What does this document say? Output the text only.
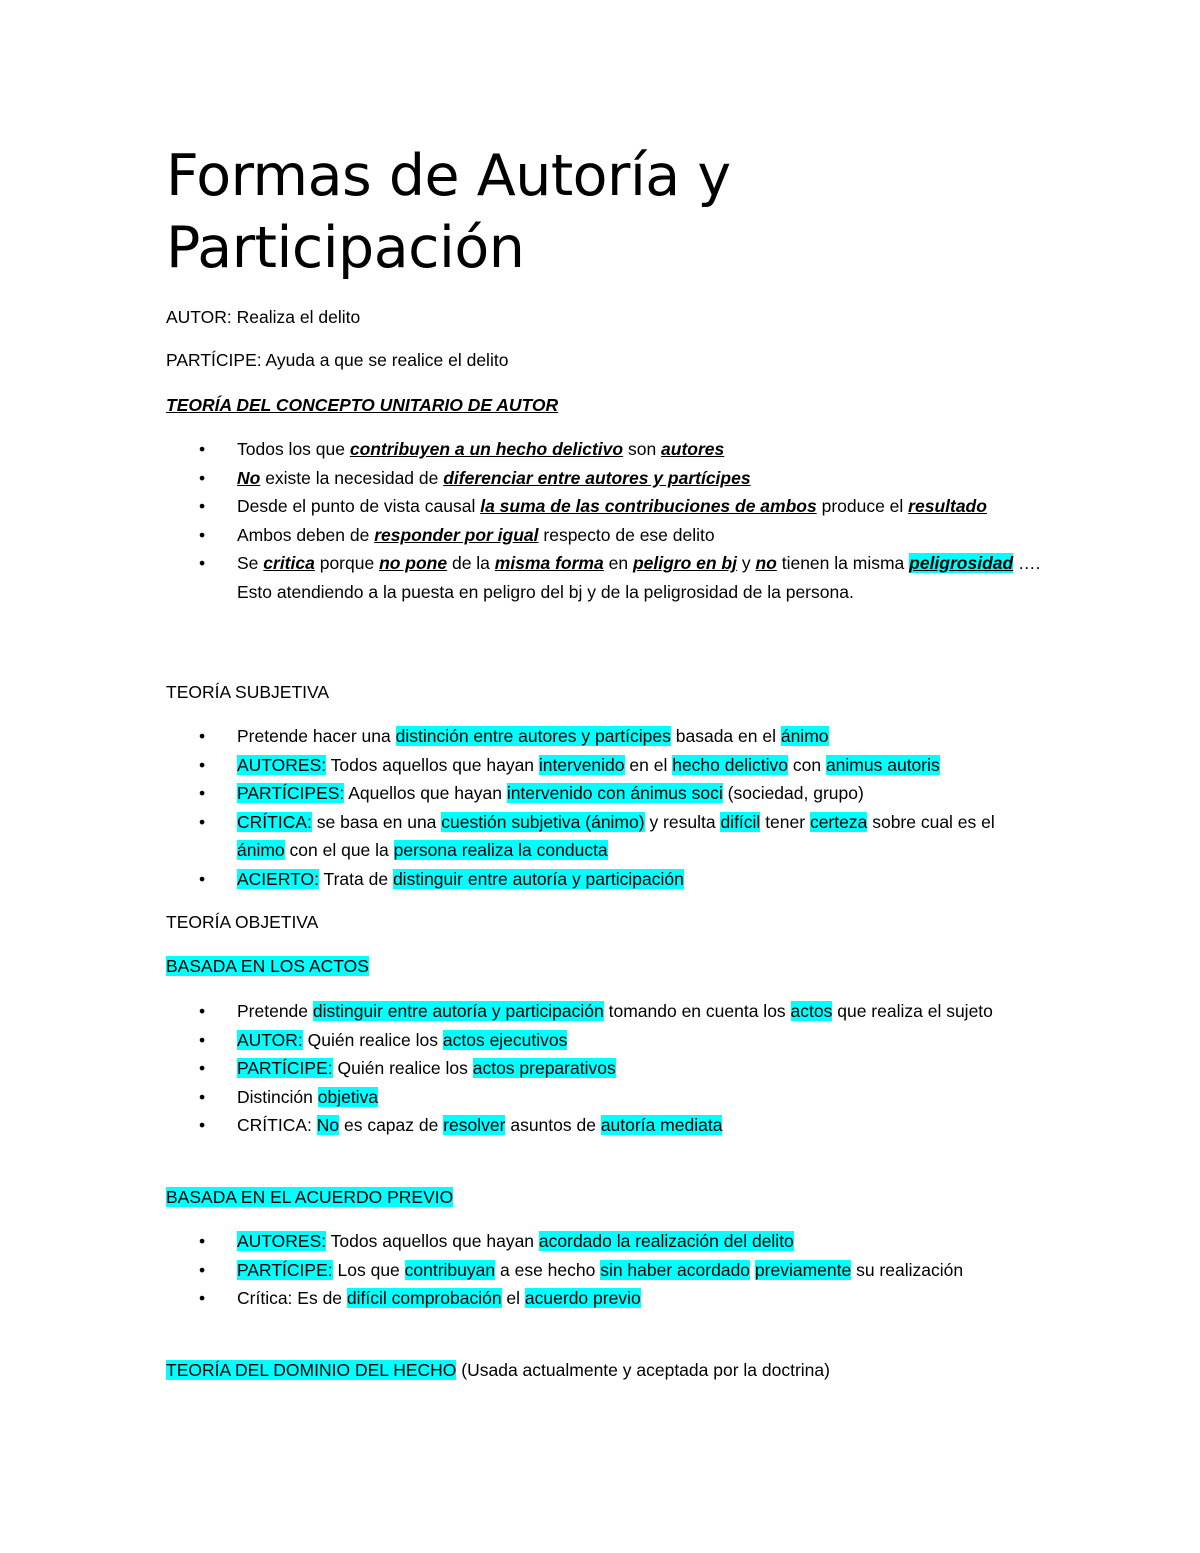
Formas de Autoría y Participación

AUTOR: Realiza el delito

PARTÍCIPE: Ayuda a que se realice el delito

TEORÍA DEL CONCEPTO UNITARIO DE AUTOR

• Todos los que contribuyen a un hecho delictivo son autores
• No existe la necesidad de diferenciar entre autores y partícipes
• Desde el punto de vista causal la suma de las contribuciones de ambos produce el resultado
• Ambos deben de responder por igual respecto de ese delito
• Se critica porque no pone de la misma forma en peligro en bj y no tienen la misma peligrosidad …. Esto atendiendo a la puesta en peligro del bj y de la peligrosidad de la persona.

TEORÍA SUBJETIVA

• Pretende hacer una distinción entre autores y partícipes basada en el ánimo
• AUTORES: Todos aquellos que hayan intervenido en el hecho delictivo con animus autoris
• PARTÍCIPES: Aquellos que hayan intervenido con ánimus soci (sociedad, grupo)
• CRÍTICA: se basa en una cuestión subjetiva (ánimo) y resulta difícil tener certeza sobre cual es el ánimo con el que la persona realiza la conducta
• ACIERTO: Trata de distinguir entre autoría y participación

TEORÍA OBJETIVA

BASADA EN LOS ACTOS

• Pretende distinguir entre autoría y participación tomando en cuenta los actos que realiza el sujeto
• AUTOR: Quién realice los actos ejecutivos
• PARTÍCIPE: Quién realice los actos preparativos
• Distinción objetiva
• CRÍTICA: No es capaz de resolver asuntos de autoría mediata

BASADA EN EL ACUERDO PREVIO

• AUTORES: Todos aquellos que hayan acordado la realización del delito
• PARTÍCIPE: Los que contribuyan a ese hecho sin haber acordado previamente su realización
• Crítica: Es de difícil comprobación el acuerdo previo

TEORÍA DEL DOMINIO DEL HECHO (Usada actualmente y aceptada por la doctrina)
